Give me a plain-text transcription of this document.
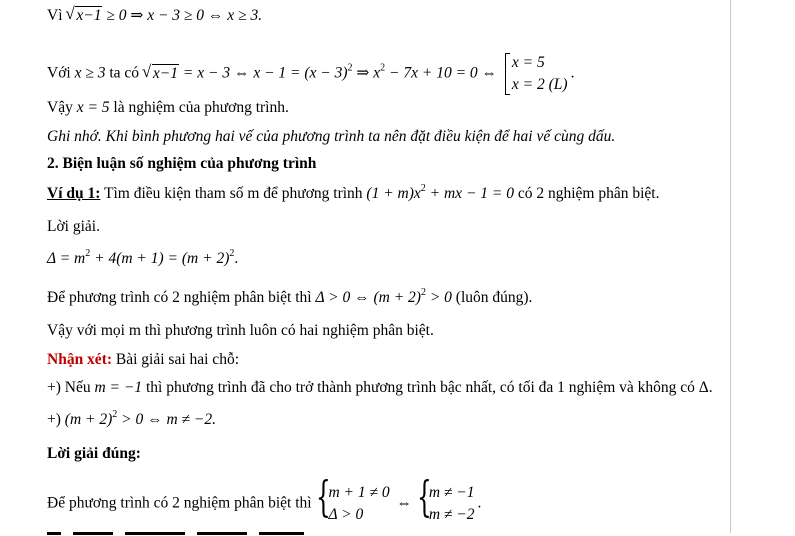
Vì √ x−1 ≥ 0 ⇒ x − 3 ≥ 0 ⇔ x ≥ 3.
Với x ≥ 3 ta có √ x−1 = x − 3 ⇔ $x - 1 = (x - 3)^2$ ⇒ $x^2 - 7x + 10 = 0$ ⇔
x = 5
x = 2 (L)
.
Vậy x = 5 là nghiệm của phương trình.
Ghi nhớ. Khi bình phương hai vế của phương trình ta nên đặt điều kiện để hai vế cùng dấu.
2. Biện luận số nghiệm của phương trình
Ví dụ 1: Tìm điều kiện tham số m để phương trình $(1 + m)x^2$ + mx − 1 = 0 có 2 nghiệm phân biệt.
Lời giải.
$\Delta = m^2 + 4(m + 1) = (m + 2)^2$.
Để phương trình có 2 nghiệm phân biệt thì Δ > 0 ⇔ $(m + 2)^2 > 0$ (luôn đúng).
Vậy với mọi m thì phương trình luôn có hai nghiệm phân biệt.
Nhận xét: Bài giải sai hai chỗ:
+) Nếu m = −1 thì phương trình đã cho trở thành phương trình bậc nhất, có tối đa 1 nghiệm và không có Δ.
+) $(m + 2)^2 > 0$ ⇔ m ≠ −2.
Lời giải đúng:
Để phương trình có 2 nghiệm phân biệt thì
{ m + 1 ≠ 0
Δ > 0
⇔
{ m ≠ −1
m ≠ −2
.
